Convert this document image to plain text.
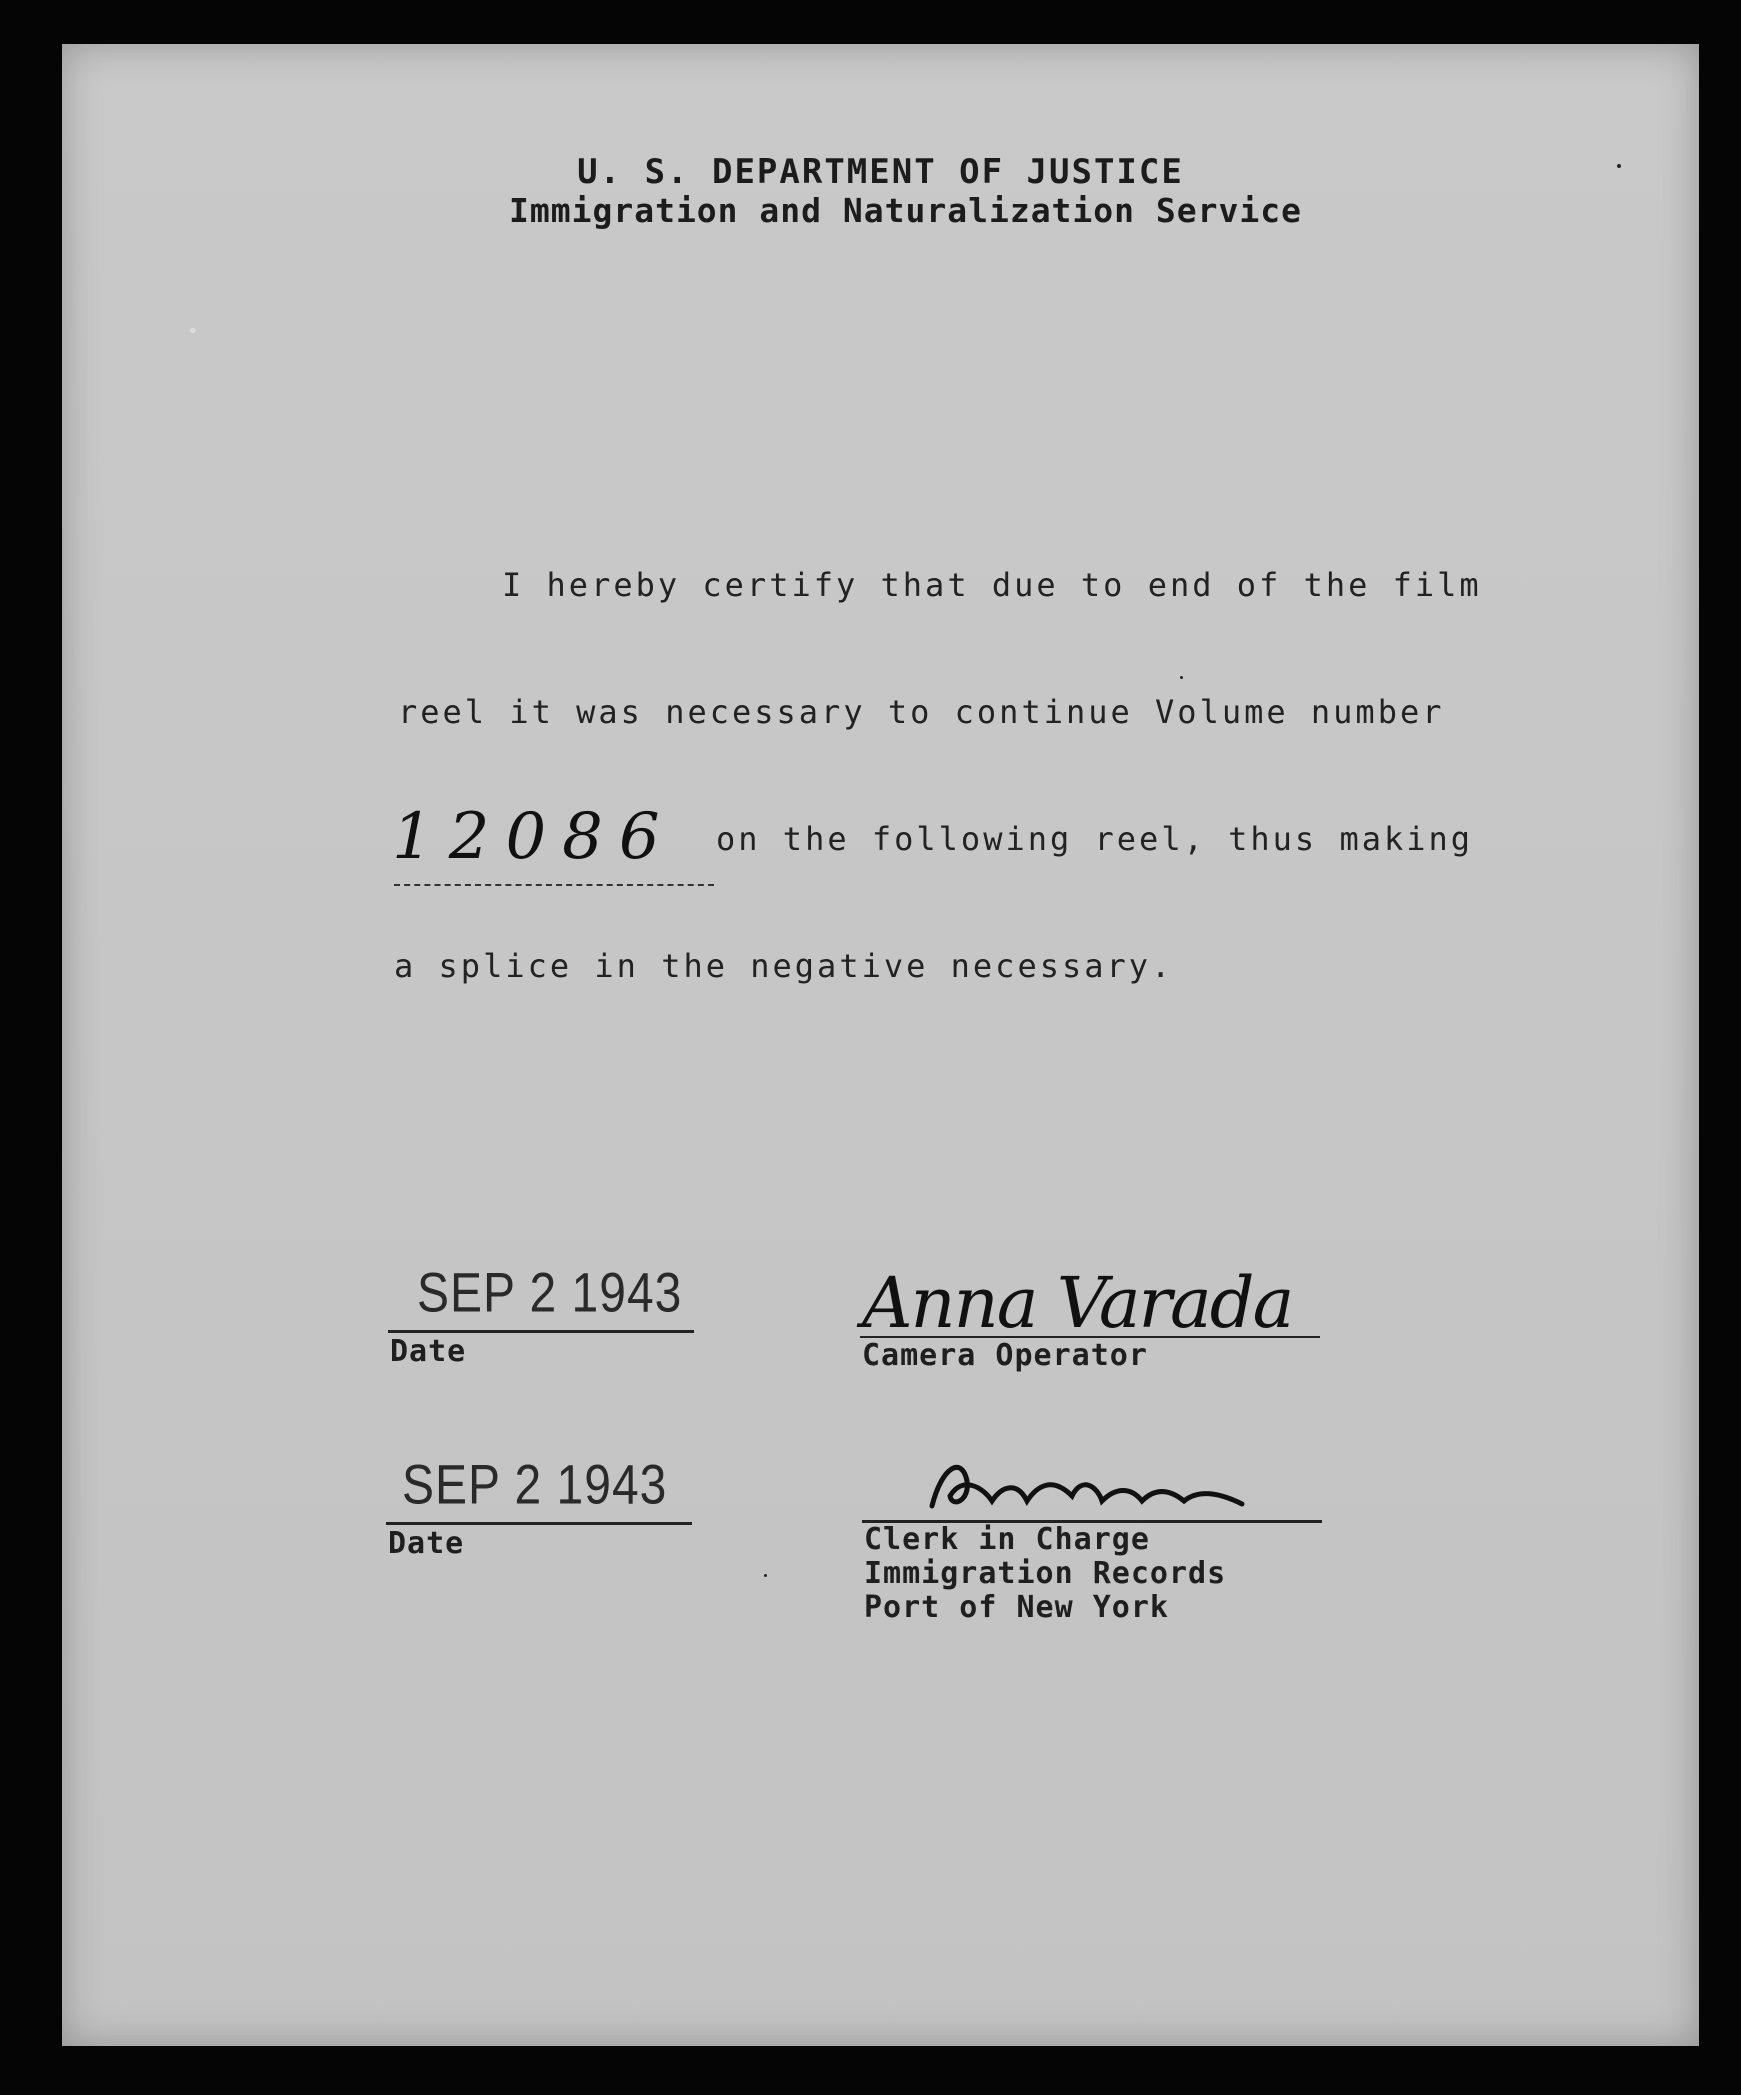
U. S. DEPARTMENT OF JUSTICE
Immigration and Naturalization Service
I hereby certify that due to end of the film
reel it was necessary to continue Volume number
12086 on the following reel, thus making
a splice in the negative necessary.
SEP 2 1943
Date
Anna Varada
Camera Operator
SEP 2 1943
Date	Clerk in Charge
Immigration Records
Port of New York
